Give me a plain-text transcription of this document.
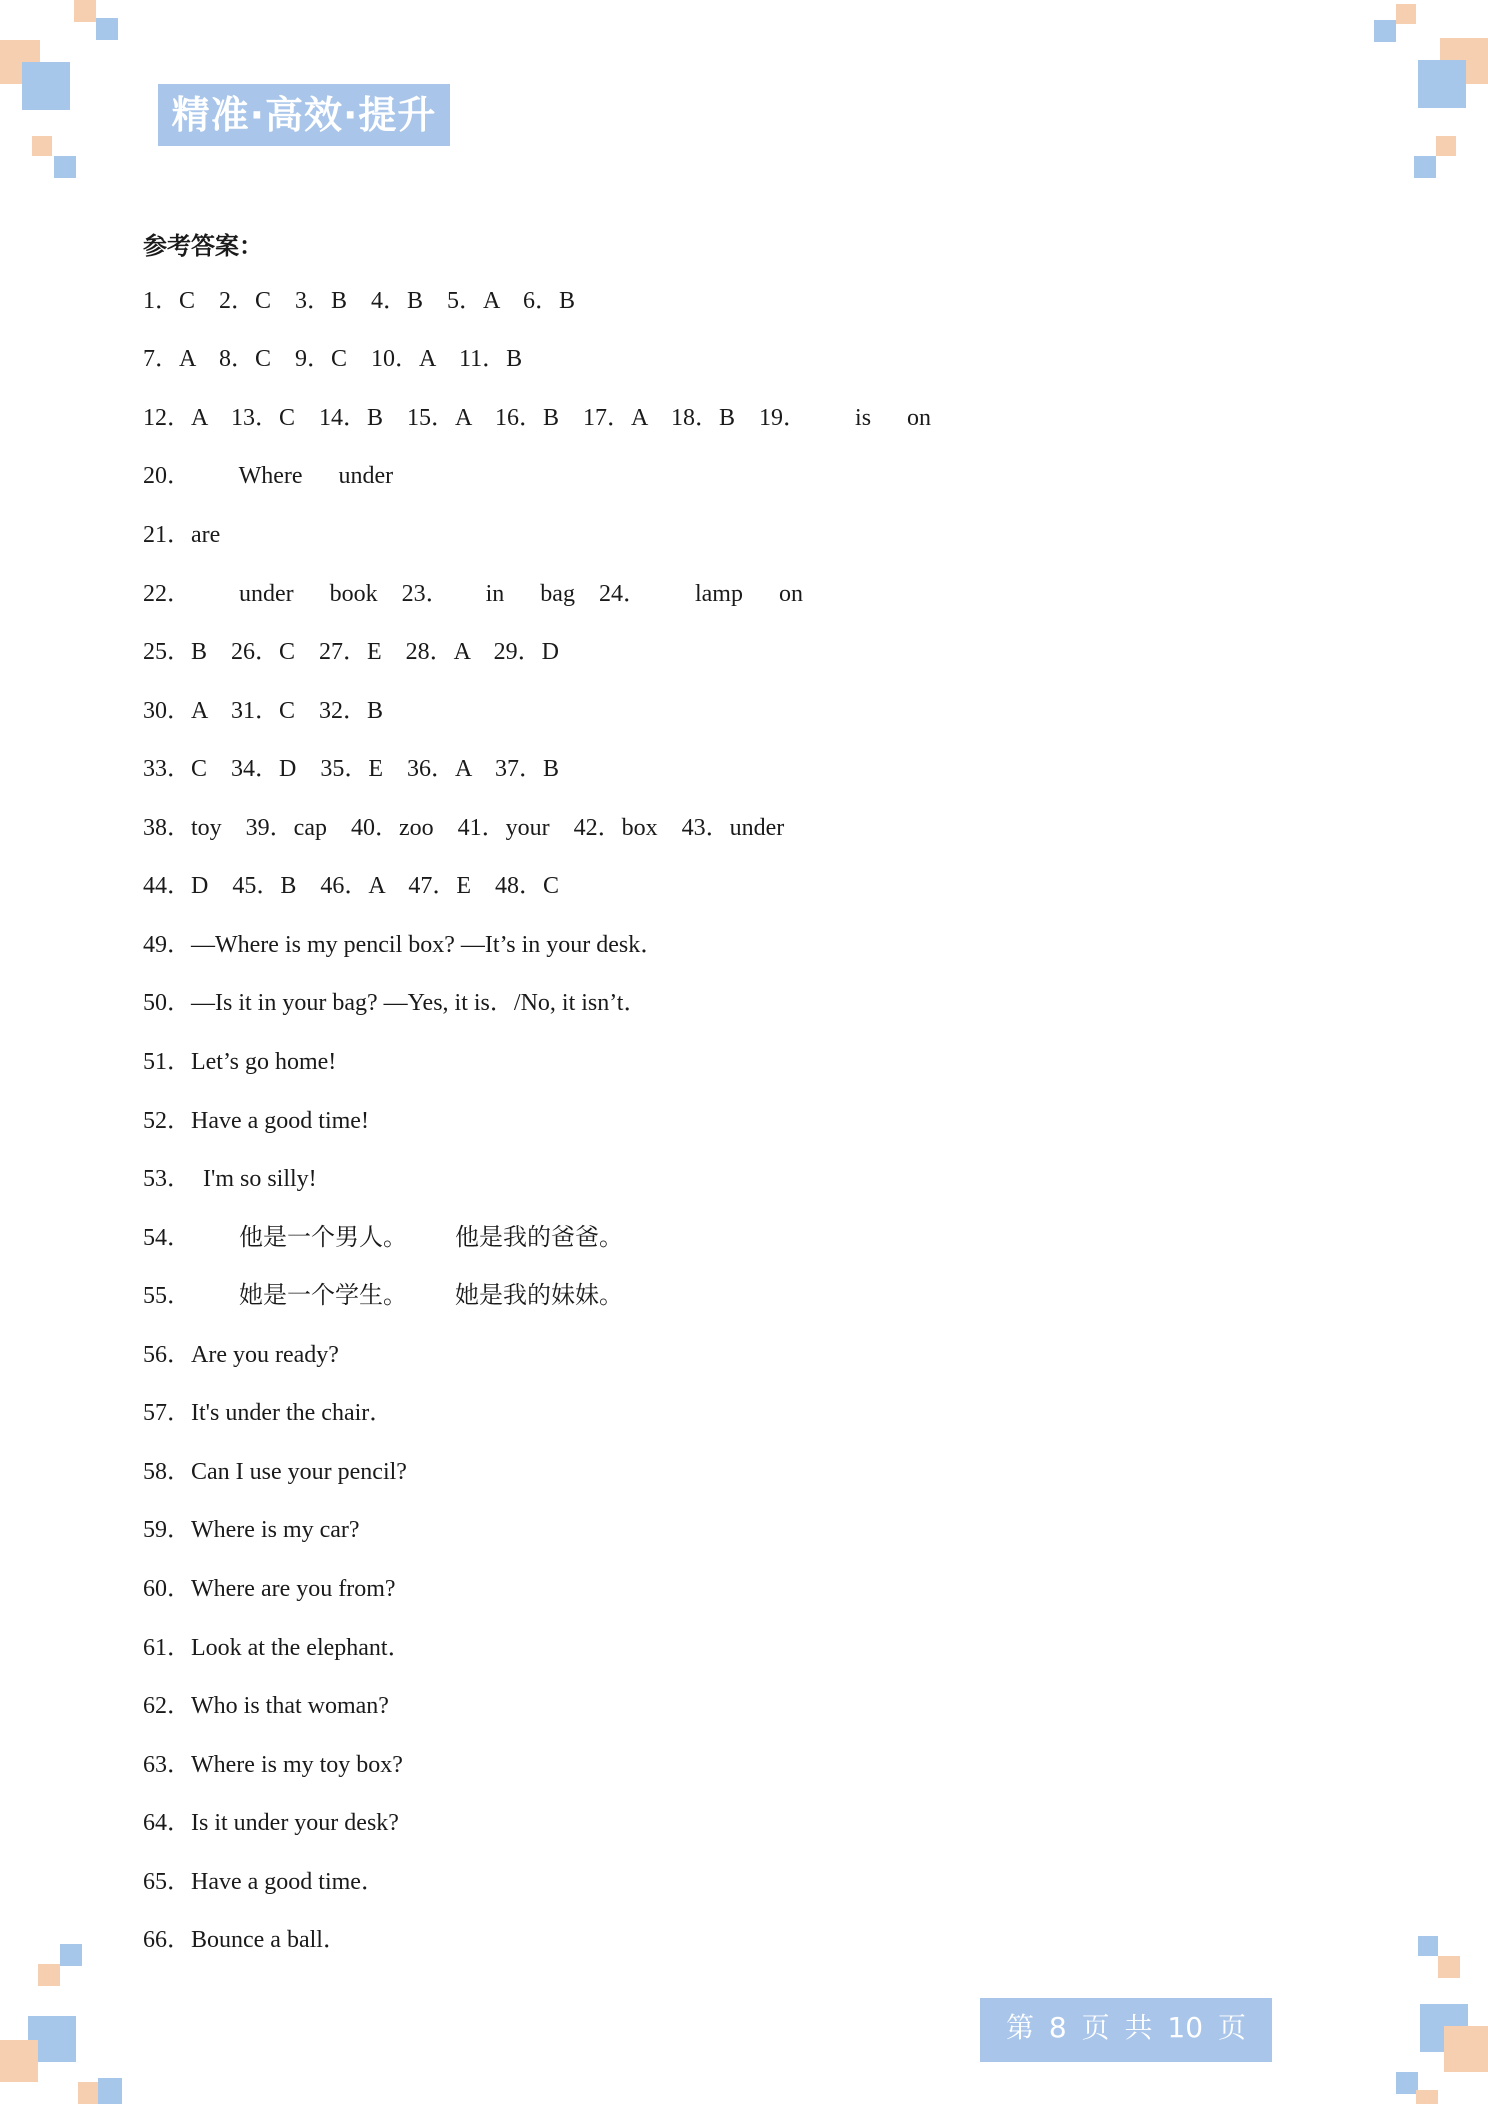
精准·高效·提升
参考答案：
1．C    2．C    3．B    4．B    5．A    6．B
7．A    8．C    9．C    10．A    11．B
12．A    13．C    14．B    15．A    16．B    17．A    18．B    19．        is      on
20．        Where      under
21．are
22．        under      book    23．      in      bag    24．        lamp      on
25．B    26．C    27．E    28．A    29．D
30．A    31．C    32．B
33．C    34．D    35．E    36．A    37．B
38．toy    39．cap    40．zoo    41．your    42．box    43．under
44．D    45．B    46．A    47．E    48．C
49．—Where is my pencil box? —It’s in your desk．
50．—Is it in your bag? —Yes, it is．/No, it isn’t．
51．Let’s go home!
52．Have a good time!
53．  I'm so silly!
54．        他是一个男人。        他是我的爸爸。
55．        她是一个学生。        她是我的妹妹。
56．Are you ready?
57．It's under the chair．
58．Can I use your pencil?
59．Where is my car?
60．Where are you from?
61．Look at the elephant．
62．Who is that woman?
63．Where is my toy box?
64．Is it under your desk?
65．Have a good time．
66．Bounce a ball．
第 8 页 共 10 页
